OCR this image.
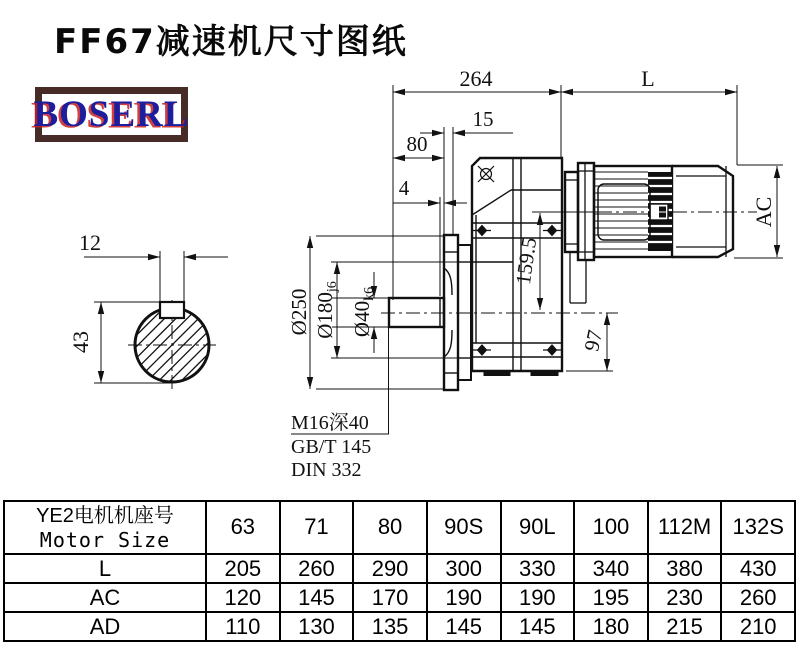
FF67减速机尺寸图纸
BOSERL
264	L
15
80
4
Ø250 Ø180j6
Ø40k6
159.5
97
AC
12
43
M16深40
GB/T 145
DIN 332
YE2电机机座号
Motor Size	63	71	80	90S	90L	100	112M	132S
L	205	260	290	300	330	340	380	430
AC	120	145	170	190	190	195	230	260
AD	110	130	135	145	145	180	215	210
